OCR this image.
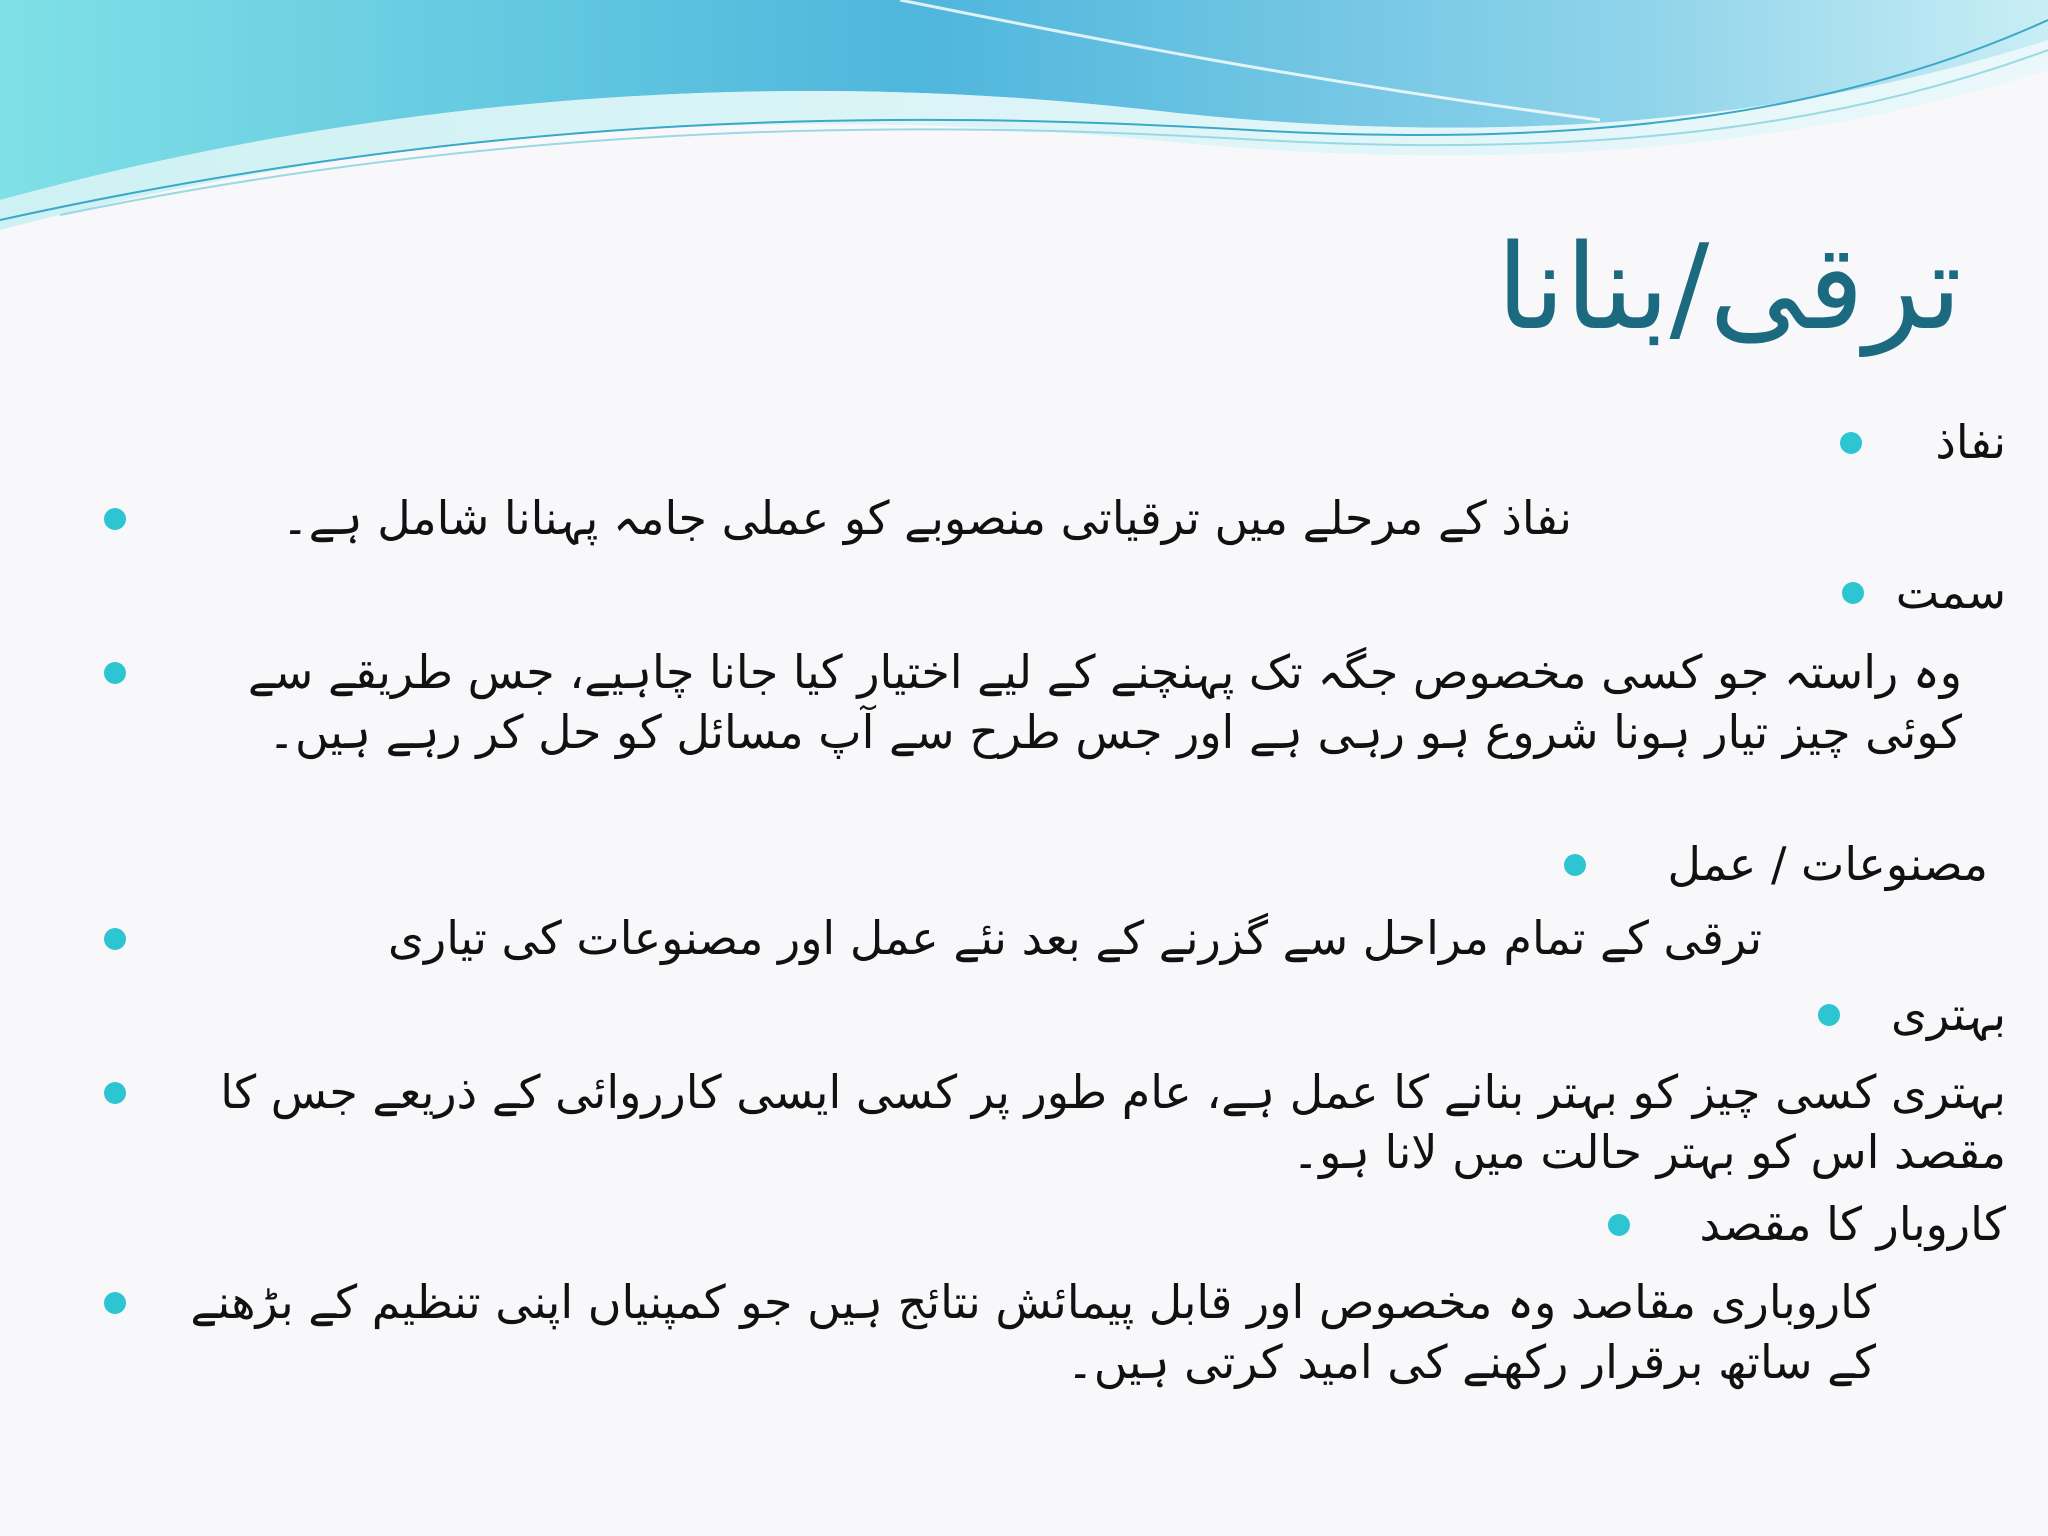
ترقی/بنانا
نفاذ
نفاذ کے مرحلے میں ترقیاتی منصوبے کو عملی جامہ پہنانا شامل ہے۔
سمت
وہ راستہ جو کسی مخصوص جگہ تک پہنچنے کے لیے اختیار کیا جانا چاہیے، جس طریقے سے کوئی چیز تیار ہونا شروع ہو رہی ہے اور جس طرح سے آپ مسائل کو حل کر رہے ہیں۔
مصنوعات / عمل
ترقی کے تمام مراحل سے گزرنے کے بعد نئے عمل اور مصنوعات کی تیاری
بہتری
بہتری کسی چیز کو بہتر بنانے کا عمل ہے، عام طور پر کسی ایسی کارروائی کے ذریعے جس کا مقصد اس کو بہتر حالت میں لانا ہو۔
کاروبار کا مقصد
کاروباری مقاصد وہ مخصوص اور قابل پیمائش نتائج ہیں جو کمپنیاں اپنی تنظیم کے بڑھنے کے ساتھ برقرار رکھنے کی امید کرتی ہیں۔
